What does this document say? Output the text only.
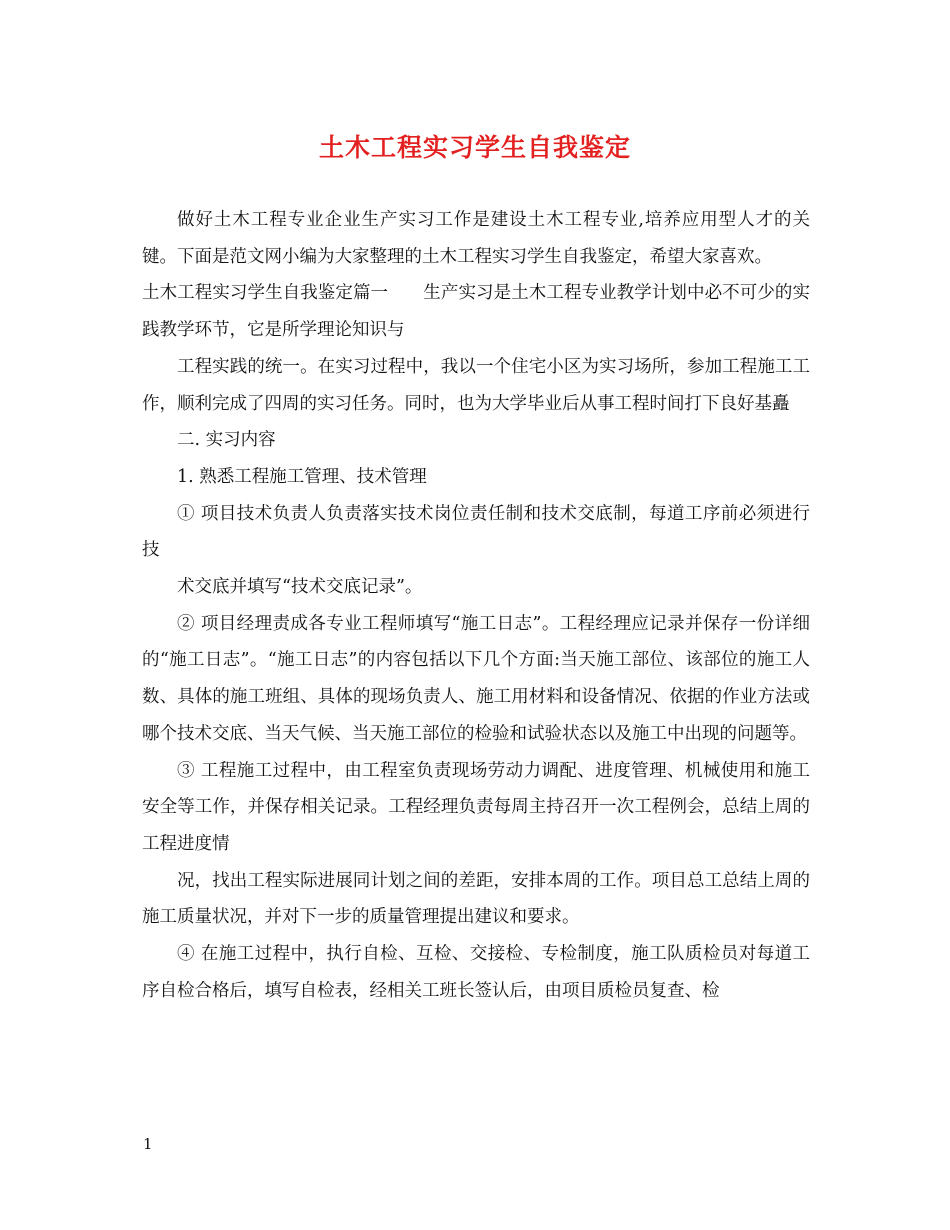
土木工程实习学生自我鉴定

做好土木工程专业企业生产实习工作是建设土木工程专业,培养应用型人才的关键。下面是范文网小编为大家整理的土木工程实习学生自我鉴定，希望大家喜欢。

土木工程实习学生自我鉴定篇一　　生产实习是土木工程专业教学计划中必不可少的实践教学环节，它是所学理论知识与

工程实践的统一。在实习过程中，我以一个住宅小区为实习场所，参加工程施工工作，顺利完成了四周的实习任务。同时，也为大学毕业后从事工程时间打下良好基矗

二. 实习内容

1. 熟悉工程施工管理、技术管理

① 项目技术负责人负责落实技术岗位责任制和技术交底制，每道工序前必须进行技

术交底并填写“技术交底记录”。

② 项目经理责成各专业工程师填写“施工日志”。工程经理应记录并保存一份详细的“施工日志”。“施工日志”的内容包括以下几个方面:当天施工部位、该部位的施工人数、具体的施工班组、具体的现场负责人、施工用材料和设备情况、依据的作业方法或哪个技术交底、当天气候、当天施工部位的检验和试验状态以及施工中出现的问题等。

③ 工程施工过程中，由工程室负责现场劳动力调配、进度管理、机械使用和施工安全等工作，并保存相关记录。工程经理负责每周主持召开一次工程例会，总结上周的工程进度情

况，找出工程实际进展同计划之间的差距，安排本周的工作。项目总工总结上周的施工质量状况，并对下一步的质量管理提出建议和要求。

④ 在施工过程中，执行自检、互检、交接检、专检制度，施工队质检员对每道工序自检合格后，填写自检表，经相关工班长签认后，由项目质检员复查、检

1
